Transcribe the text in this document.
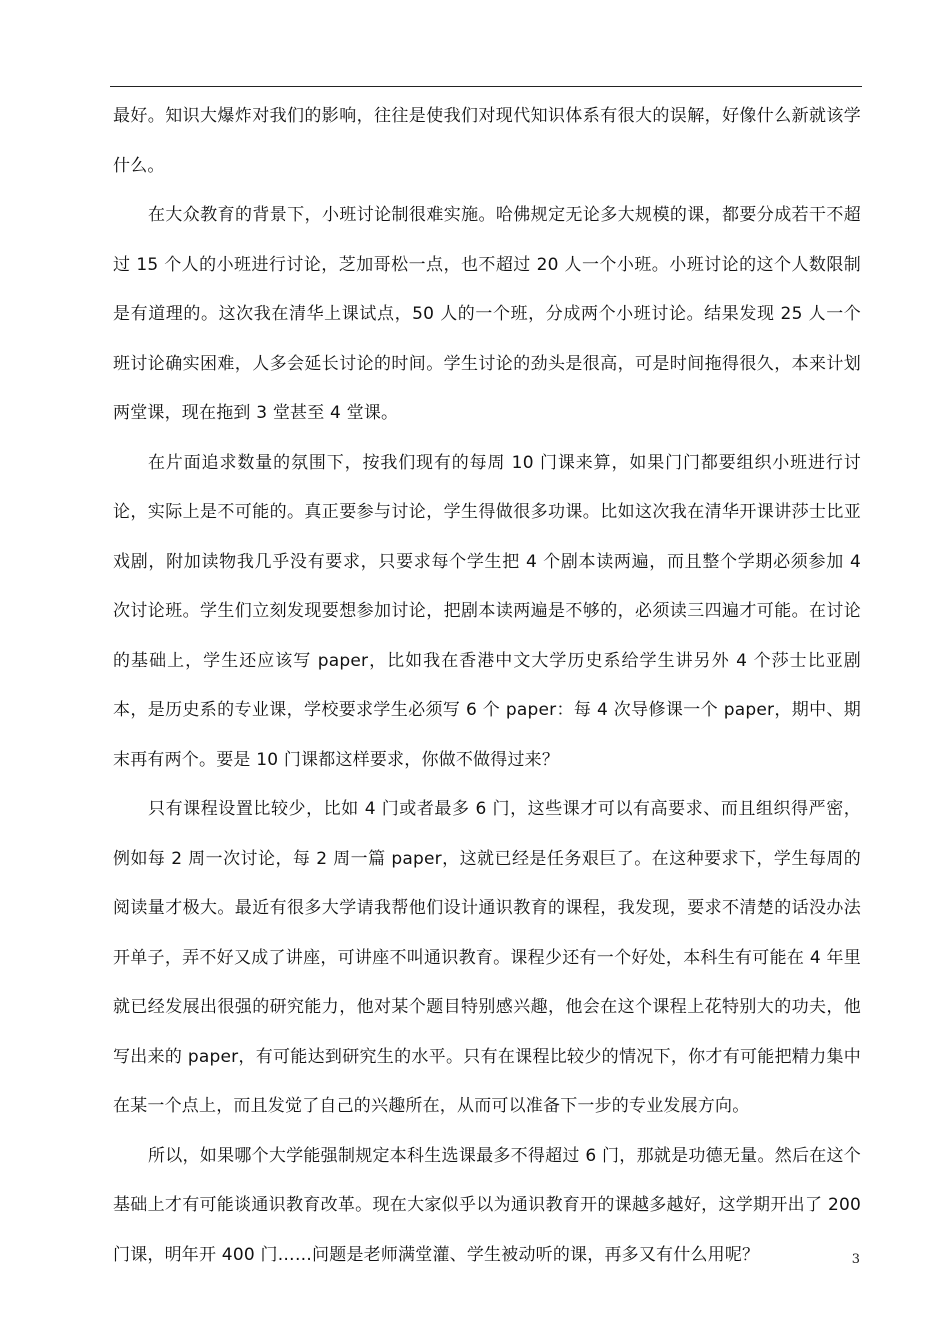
最好。知识大爆炸对我们的影响，往往是使我们对现代知识体系有很大的误解，好像什么新就该学什么。

在大众教育的背景下，小班讨论制很难实施。哈佛规定无论多大规模的课，都要分成若干不超过 15 个人的小班进行讨论，芝加哥松一点，也不超过 20 人一个小班。小班讨论的这个人数限制是有道理的。这次我在清华上课试点，50 人的一个班，分成两个小班讨论。结果发现 25 人一个班讨论确实困难，人多会延长讨论的时间。学生讨论的劲头是很高，可是时间拖得很久，本来计划两堂课，现在拖到 3 堂甚至 4 堂课。

在片面追求数量的氛围下，按我们现有的每周 10 门课来算，如果门门都要组织小班进行讨论，实际上是不可能的。真正要参与讨论，学生得做很多功课。比如这次我在清华开课讲莎士比亚戏剧，附加读物我几乎没有要求，只要求每个学生把 4 个剧本读两遍，而且整个学期必须参加 4 次讨论班。学生们立刻发现要想参加讨论，把剧本读两遍是不够的，必须读三四遍才可能。在讨论的基础上，学生还应该写 paper，比如我在香港中文大学历史系给学生讲另外 4 个莎士比亚剧本，是历史系的专业课，学校要求学生必须写 6 个 paper：每 4 次导修课一个 paper，期中、期末再有两个。要是 10 门课都这样要求，你做不做得过来？

只有课程设置比较少，比如 4 门或者最多 6 门，这些课才可以有高要求、而且组织得严密，例如每 2 周一次讨论，每 2 周一篇 paper，这就已经是任务艰巨了。在这种要求下，学生每周的阅读量才极大。最近有很多大学请我帮他们设计通识教育的课程，我发现，要求不清楚的话没办法开单子，弄不好又成了讲座，可讲座不叫通识教育。课程少还有一个好处，本科生有可能在 4 年里就已经发展出很强的研究能力，他对某个题目特别感兴趣，他会在这个课程上花特别大的功夫，他写出来的 paper，有可能达到研究生的水平。只有在课程比较少的情况下，你才有可能把精力集中在某一个点上，而且发觉了自己的兴趣所在，从而可以准备下一步的专业发展方向。

所以，如果哪个大学能强制规定本科生选课最多不得超过 6 门，那就是功德无量。然后在这个基础上才有可能谈通识教育改革。现在大家似乎以为通识教育开的课越多越好，这学期开出了 200 门课，明年开 400 门……问题是老师满堂灌、学生被动听的课，再多又有什么用呢？	3
